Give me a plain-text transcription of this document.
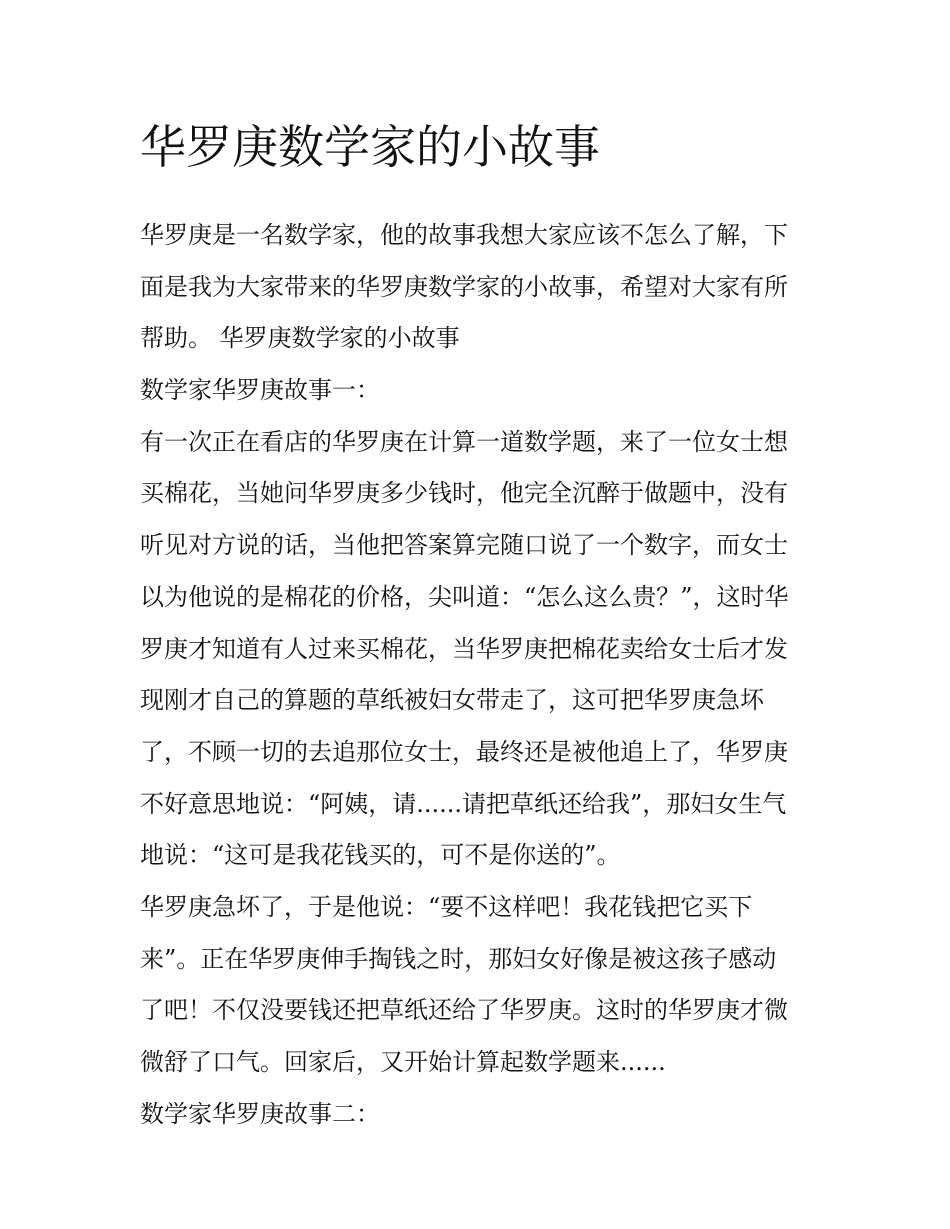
华罗庚数学家的小故事
华罗庚是一名数学家，他的故事我想大家应该不怎么了解，下
面是我为大家带来的华罗庚数学家的小故事，希望对大家有所
帮助。 华罗庚数学家的小故事
数学家华罗庚故事一：
有一次正在看店的华罗庚在计算一道数学题，来了一位女士想
买棉花，当她问华罗庚多少钱时，他完全沉醉于做题中，没有
听见对方说的话，当他把答案算完随口说了一个数字，而女士
以为他说的是棉花的价格，尖叫道：“怎么这么贵？”，这时华
罗庚才知道有人过来买棉花，当华罗庚把棉花卖给女士后才发
现刚才自己的算题的草纸被妇女带走了，这可把华罗庚急坏
了，不顾一切的去追那位女士，最终还是被他追上了，华罗庚
不好意思地说：“阿姨，请......请把草纸还给我”，那妇女生气
地说：“这可是我花钱买的，可不是你送的”。
华罗庚急坏了，于是他说：“要不这样吧！我花钱把它买下
来”。正在华罗庚伸手掏钱之时，那妇女好像是被这孩子感动
了吧！不仅没要钱还把草纸还给了华罗庚。这时的华罗庚才微
微舒了口气。回家后，又开始计算起数学题来......
数学家华罗庚故事二：
